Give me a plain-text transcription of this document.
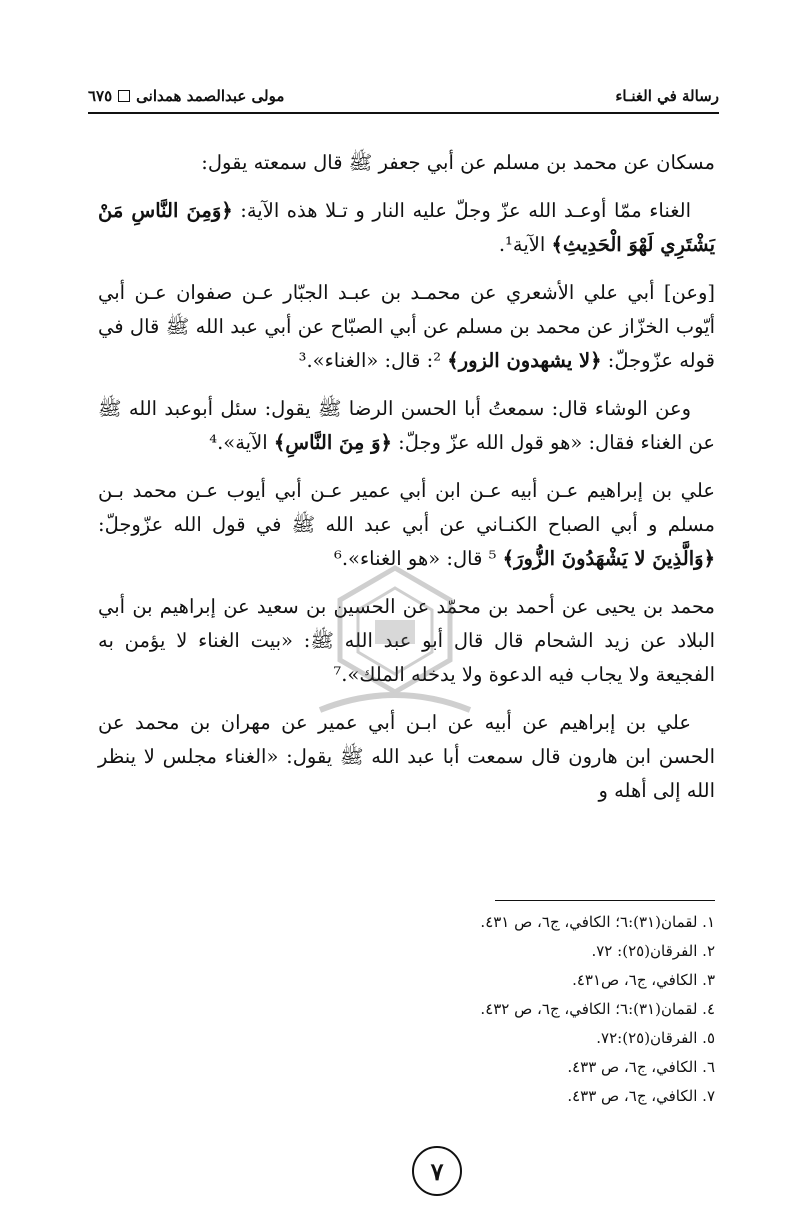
رسالة في الغنـاء
مولى عبدالصمد همدانى
٦٧٥

مسكان عن محمد بن مسلم عن أبي جعفر ﷺ قال سمعته يقول:

الغناء ممّا أوعـد الله عزّ وجلّ عليه النار و تـلا هذه الآية: ﴿وَمِنَ النَّاسِ مَنْ يَشْتَرِي لَهْوَ الْحَدِيثِ﴾ الآية¹.

[وعن] أبي علي الأشعري عن محمـد بن عبـد الجبّار عـن صفوان عـن أبي أيّوب الخزّاز عن محمد بن مسلم عن أبي الصبّاح عن أبي عبد الله ﷺ قال في قوله عزّوجلّ: ﴿لا يشهدون الزور﴾ ²: قال: «الغناء».³

وعن الوشاء قال: سمعتُ أبا الحسن الرضا ﷺ يقول: سئل أبوعبد الله ﷺ عن الغناء فقال: «هو قول الله عزّ وجلّ: ﴿وَ مِنَ النَّاسِ﴾ الآية».⁴

علي بن إبراهيم عـن أبيه عـن ابن أبي عمير عـن أبي أيوب عـن محمد بـن مسلم و أبي الصباح الكنـاني عن أبي عبد الله ﷺ في قول الله عزّوجلّ: ﴿وَالَّذِينَ لا يَشْهَدُونَ الزُّورَ﴾ ⁵ قال: «هو الغناء».⁶

محمد بن يحيى عن أحمد بن محمّد عن الحسين بن سعيد عن إبراهيم بن أبي البلاد عن زيد الشحام قال قال أبو عبد الله ﷺ: «بيت الغناء لا يؤمن به الفجيعة ولا يجاب فيه الدعوة ولا يدخله الملك».⁷

علي بن إبراهيم عن أبيه عن ابـن أبي عمير عن مهران بن محمد عن الحسن ابن هارون قال سمعت أبا عبد الله ﷺ يقول: «الغناء مجلس لا ينظر الله إلى أهله و

١. لقمان(٣١):٦؛ الكافي، ج٦، ص ٤٣١.
٢. الفرقان(٢٥): ٧٢.
٣. الكافي، ج٦، ص٤٣١.
٤. لقمان(٣١):٦؛ الكافي، ج٦، ص ٤٣٢.
٥. الفرقان(٢٥):٧٢.
٦. الكافي، ج٦، ص ٤٣٣.
٧. الكافي، ج٦، ص ٤٣٣.
٧
